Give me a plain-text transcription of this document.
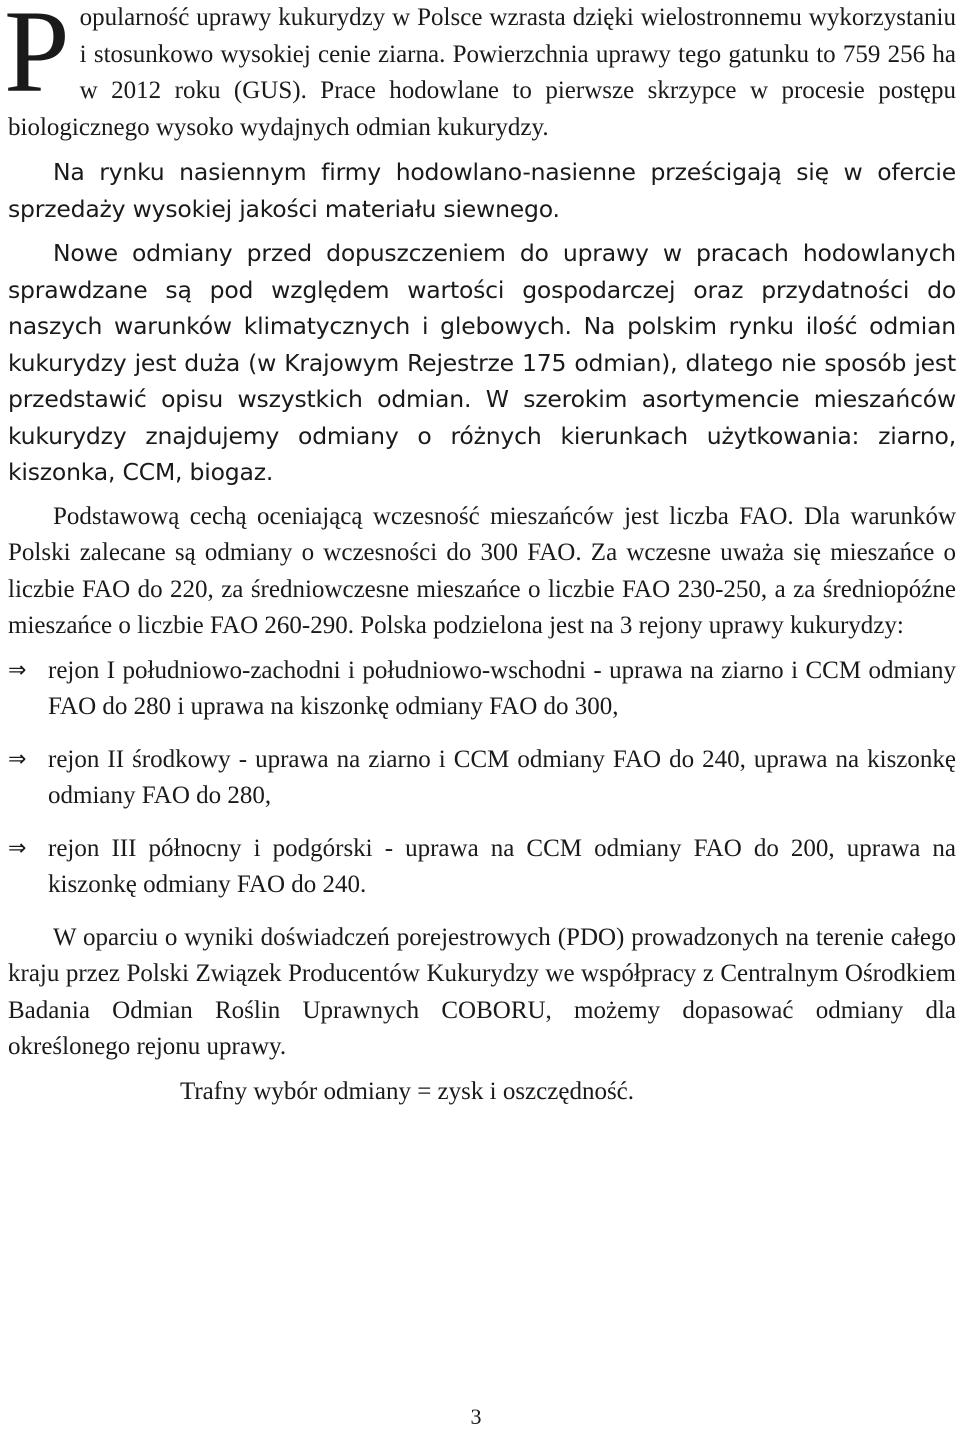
P opularność uprawy kukurydzy w Polsce wzrasta dzięki wielostronnemu wykorzystaniu i stosunkowo wysokiej cenie ziarna. Powierzchnia uprawy tego gatunku to 759 256 ha w 2012 roku (GUS). Prace hodowlane to pierwsze skrzypce w procesie postępu biologicznego wysoko wydajnych odmian kukurydzy.

Na rynku nasiennym firmy hodowlano-nasienne prześcigają się w ofercie sprzedaży wysokiej jakości materiału siewnego.

Nowe odmiany przed dopuszczeniem do uprawy w pracach hodowlanych sprawdzane są pod względem wartości gospodarczej oraz przydatności do naszych warunków klimatycznych i glebowych. Na polskim rynku ilość odmian kukurydzy jest duża (w Krajowym Rejestrze 175 odmian), dlatego nie sposób jest przedstawić opisu wszystkich odmian. W szerokim asortymencie mieszańców kukurydzy znajdujemy odmiany o różnych kierunkach użytkowania: ziarno, kiszonka, CCM, biogaz.

Podstawową cechą oceniającą wczesność mieszańców jest liczba FAO. Dla warunków Polski zalecane są odmiany o wczesności do 300 FAO. Za wczesne uważa się mieszańce o liczbie FAO do 220, za średniowczesne mieszańce o liczbie FAO 230-250, a za średniopóźne mieszańce o liczbie FAO 260-290. Polska podzielona jest na 3 rejony uprawy kukurydzy:

⇒ rejon I południowo-zachodni i południowo-wschodni - uprawa na ziarno i CCM odmiany FAO do 280 i uprawa na kiszonkę odmiany FAO do 300,
⇒ rejon II środkowy - uprawa na ziarno i CCM odmiany FAO do 240, uprawa na kiszonkę odmiany FAO do 280,
⇒ rejon III północny i podgórski - uprawa na CCM odmiany FAO do 200, uprawa na kiszonkę odmiany FAO do 240.

W oparciu o wyniki doświadczeń porejestrowych (PDO) prowadzonych na terenie całego kraju przez Polski Związek Producentów Kukurydzy we współpracy z Centralnym Ośrodkiem Badania Odmian Roślin Uprawnych COBORU, możemy dopasować odmiany dla określonego rejonu uprawy.

Trafny wybór odmiany = zysk i oszczędność.

3
